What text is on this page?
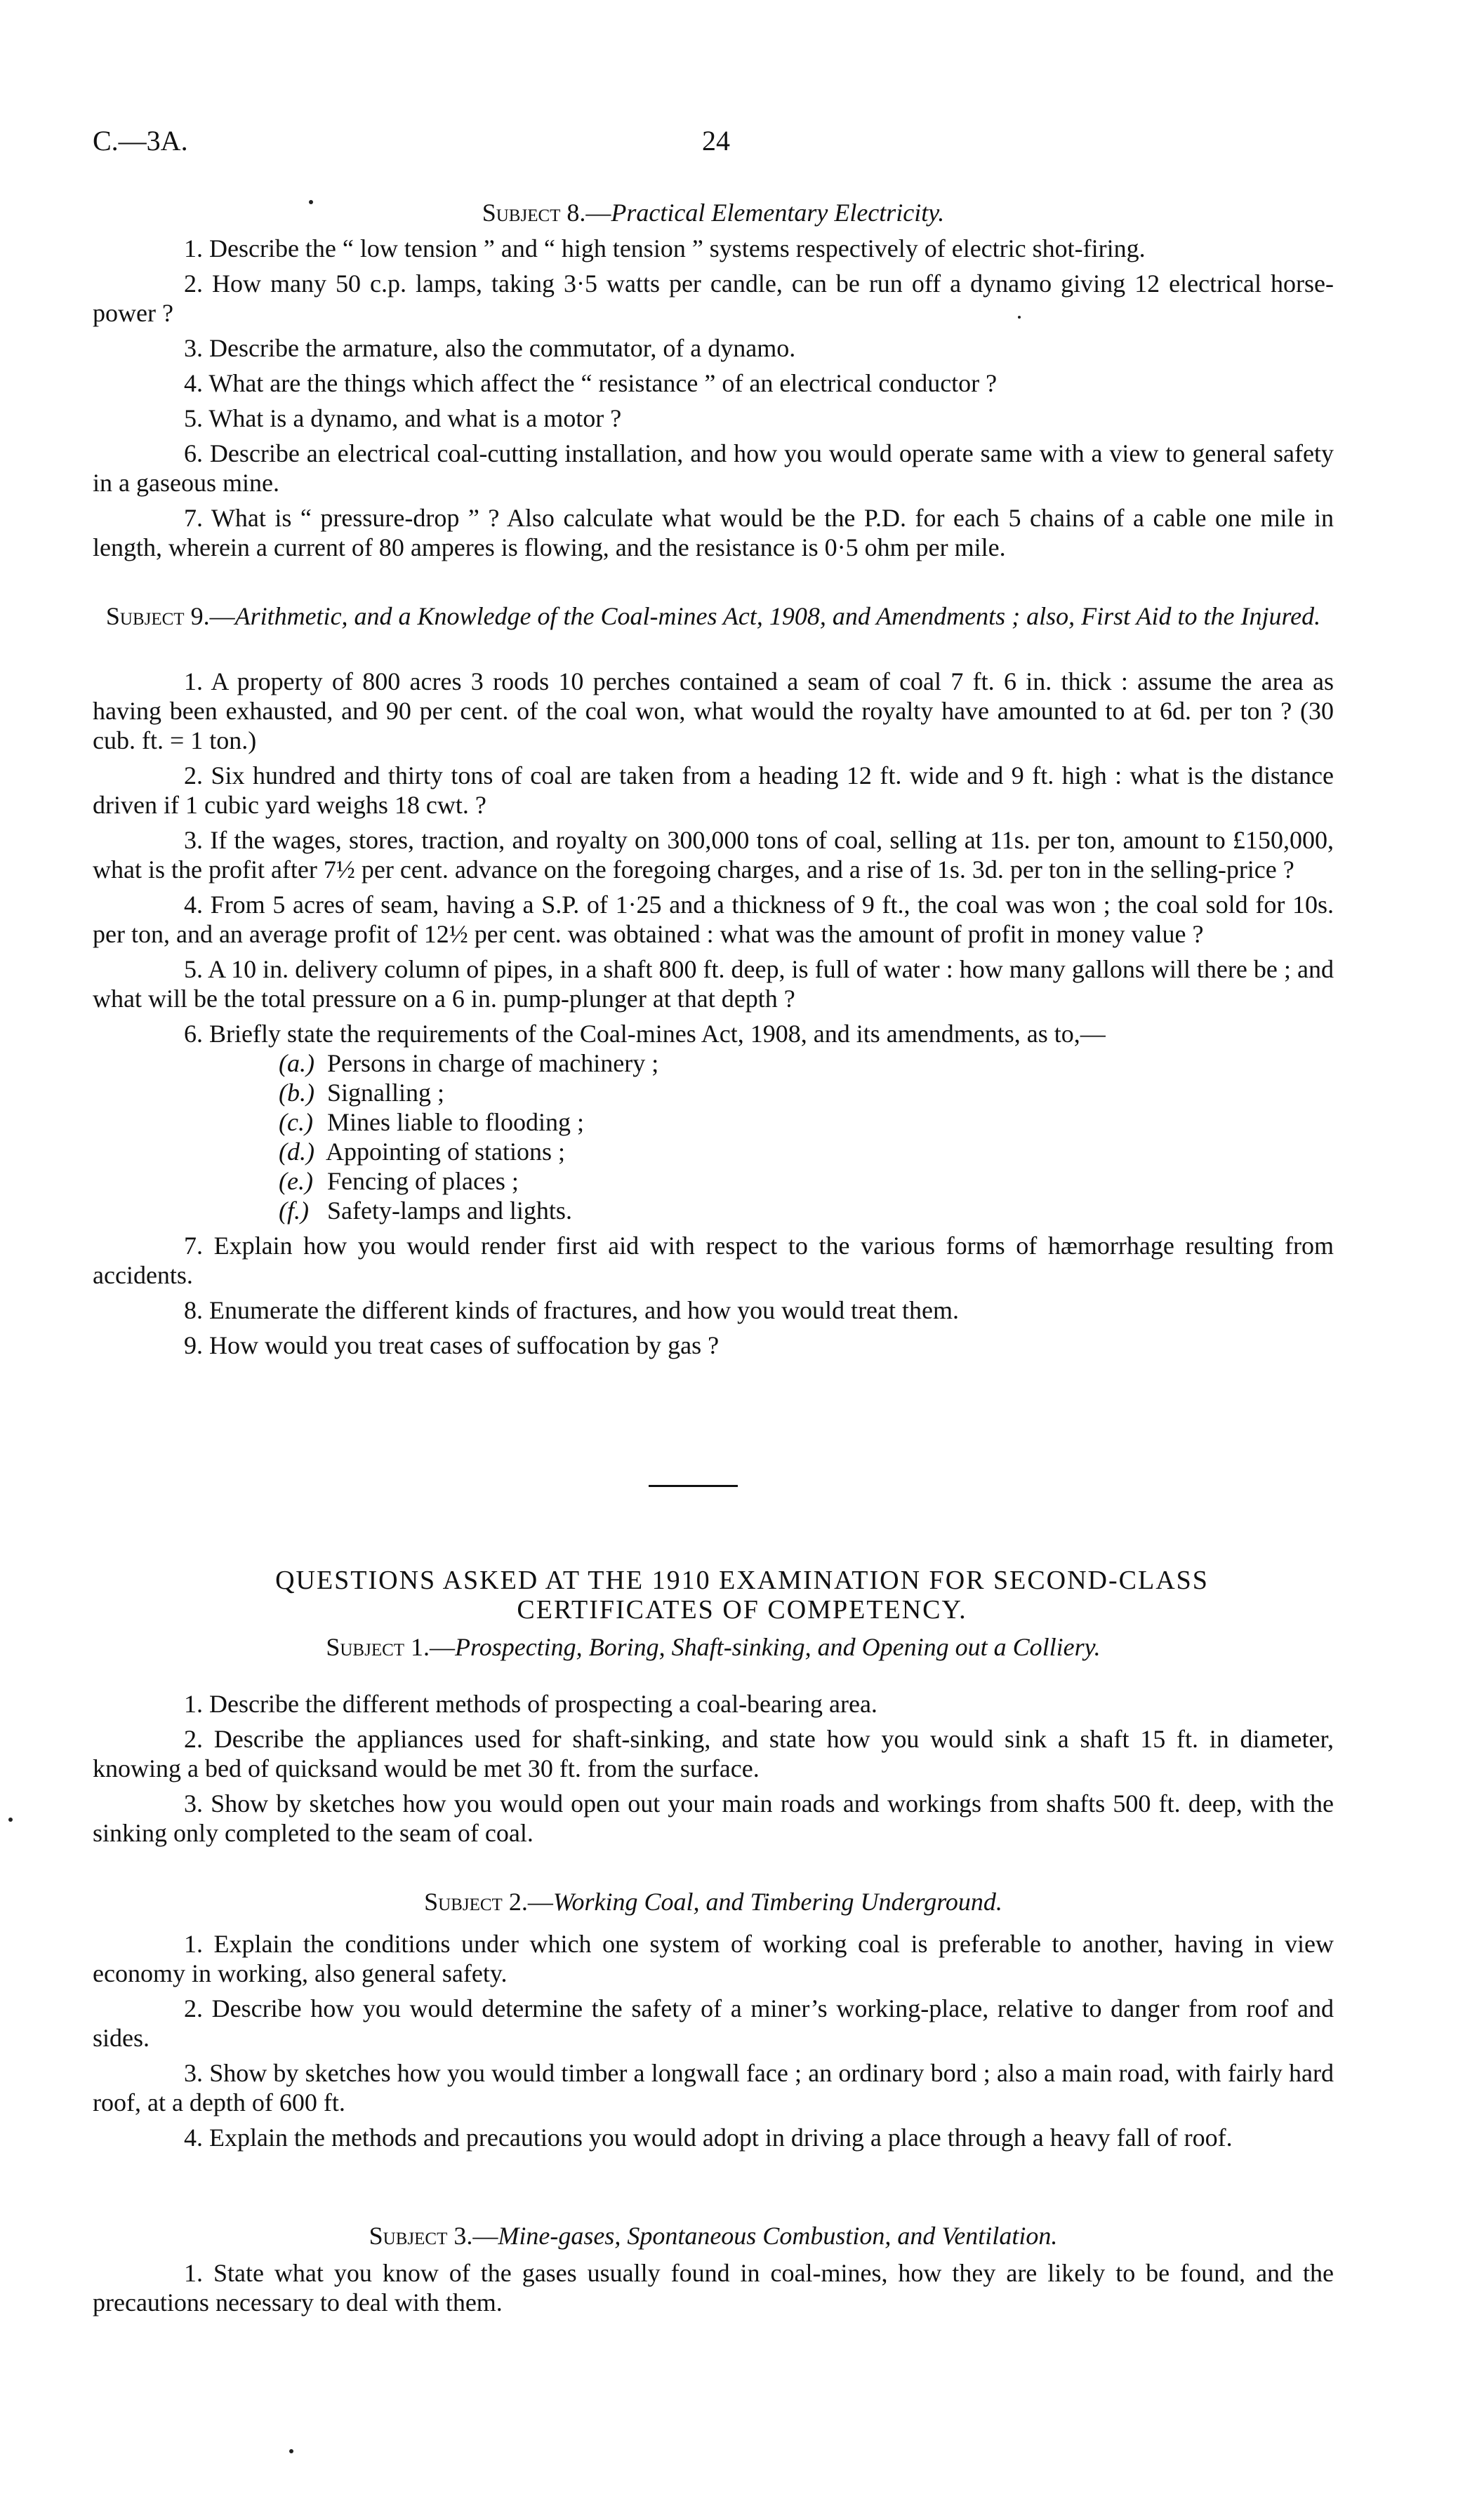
C.—3A.	24
Subject 8.—Practical Elementary Electricity.

1. Describe the “ low tension ” and “ high tension ” systems respectively of electric shot-firing.

2. How many 50 c.p. lamps, taking 3·5 watts per candle, can be run off a dynamo giving 12 electrical horse-power ?

3. Describe the armature, also the commutator, of a dynamo.

4. What are the things which affect the “ resistance ” of an electrical conductor ?

5. What is a dynamo, and what is a motor ?

6. Describe an electrical coal-cutting installation, and how you would operate same with a view to general safety in a gaseous mine.

7. What is “ pressure-drop ” ? Also calculate what would be the P.D. for each 5 chains of a cable one mile in length, wherein a current of 80 amperes is flowing, and the resistance is 0·5 ohm per mile.

Subject 9.—Arithmetic, and a Knowledge of the Coal-mines Act, 1908, and Amendments ; also, First Aid to the Injured.

1. A property of 800 acres 3 roods 10 perches contained a seam of coal 7 ft. 6 in. thick : assume the area as having been exhausted, and 90 per cent. of the coal won, what would the royalty have amounted to at 6d. per ton ? (30 cub. ft. = 1 ton.)

2. Six hundred and thirty tons of coal are taken from a heading 12 ft. wide and 9 ft. high : what is the distance driven if 1 cubic yard weighs 18 cwt. ?

3. If the wages, stores, traction, and royalty on 300,000 tons of coal, selling at 11s. per ton, amount to £150,000, what is the profit after 7½ per cent. advance on the foregoing charges, and a rise of 1s. 3d. per ton in the selling-price ?

4. From 5 acres of seam, having a S.P. of 1·25 and a thickness of 9 ft., the coal was won ; the coal sold for 10s. per ton, and an average profit of 12½ per cent. was obtained : what was the amount of profit in money value ?

5. A 10 in. delivery column of pipes, in a shaft 800 ft. deep, is full of water : how many gallons will there be ; and what will be the total pressure on a 6 in. pump-plunger at that depth ?

6. Briefly state the requirements of the Coal-mines Act, 1908, and its amendments, as to,—

(a.) Persons in charge of machinery ;
(b.) Signalling ;
(c.) Mines liable to flooding ;
(d.) Appointing of stations ;
(e.) Fencing of places ;
(f.) Safety-lamps and lights.

7. Explain how you would render first aid with respect to the various forms of hæmorrhage resulting from accidents.

8. Enumerate the different kinds of fractures, and how you would treat them.

9. How would you treat cases of suffocation by gas ?

QUESTIONS ASKED AT THE 1910 EXAMINATION FOR SECOND-CLASS CERTIFICATES OF COMPETENCY.
Subject 1.—Prospecting, Boring, Shaft-sinking, and Opening out a Colliery.

1. Describe the different methods of prospecting a coal-bearing area.

2. Describe the appliances used for shaft-sinking, and state how you would sink a shaft 15 ft. in diameter, knowing a bed of quicksand would be met 30 ft. from the surface.

3. Show by sketches how you would open out your main roads and workings from shafts 500 ft. deep, with the sinking only completed to the seam of coal.

Subject 2.—Working Coal, and Timbering Underground.

1. Explain the conditions under which one system of working coal is preferable to another, having in view economy in working, also general safety.

2. Describe how you would determine the safety of a miner’s working-place, relative to danger from roof and sides.

3. Show by sketches how you would timber a longwall face ; an ordinary bord ; also a main road, with fairly hard roof, at a depth of 600 ft.

4. Explain the methods and precautions you would adopt in driving a place through a heavy fall of roof.

Subject 3.—Mine-gases, Spontaneous Combustion, and Ventilation.

1. State what you know of the gases usually found in coal-mines, how they are likely to be found, and the precautions necessary to deal with them.
